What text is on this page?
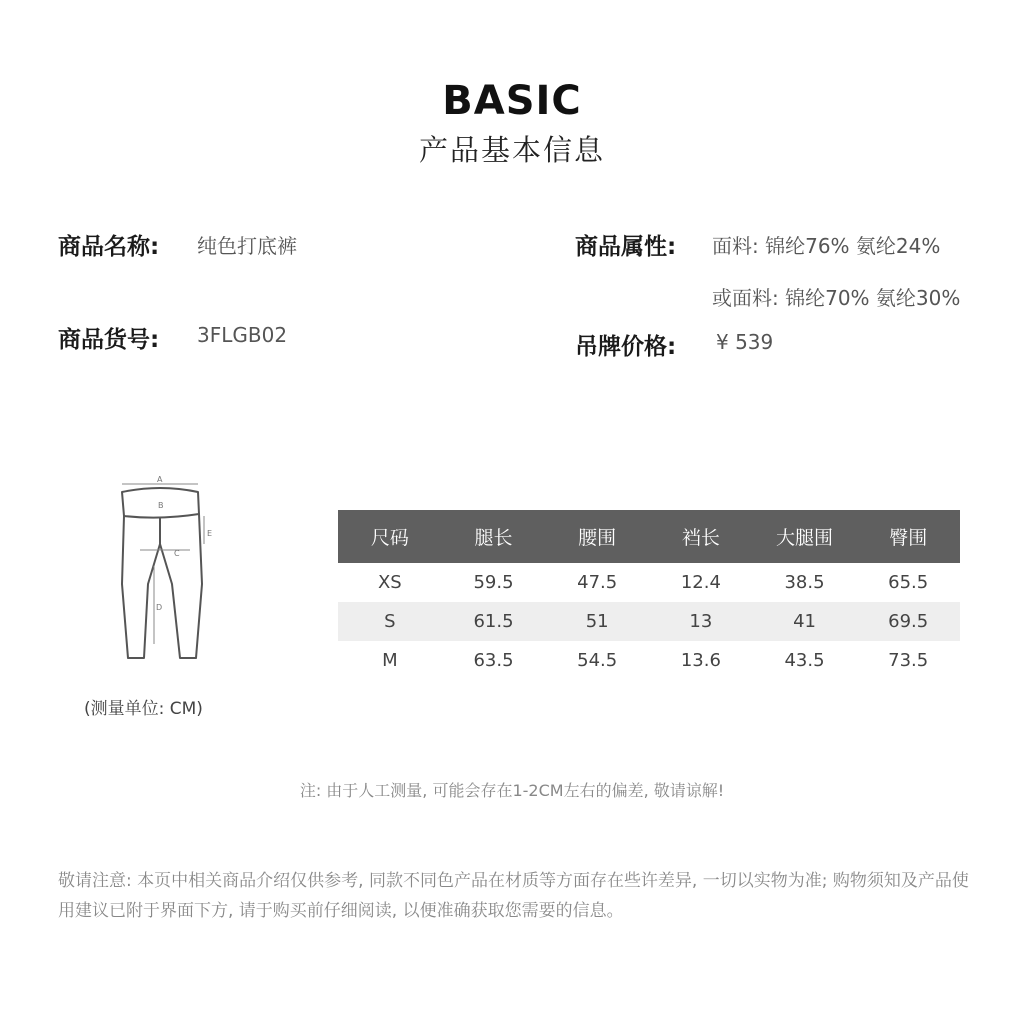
BASIC
产品基本信息
商品名称: 纯色打底裤
商品货号: 3FLGB02
商品属性: 面料: 锦纶76% 氨纶24%
或面料: 锦纶70% 氨纶30%
吊牌价格: ¥ 539
A
B
C
D
E
(测量单位: CM)
尺码	腿长	腰围	裆长	大腿围	臀围
XS	59.5	47.5	12.4	38.5	65.5
S	61.5	51	13	41	69.5
M	63.5	54.5	13.6	43.5	73.5
注: 由于人工测量, 可能会存在1-2CM左右的偏差, 敬请谅解!
敬请注意: 本页中相关商品介绍仅供参考, 同款不同色产品在材质等方面存在些许差异, 一切以实物为准; 购物须知及产品使用建议已附于界面下方, 请于购买前仔细阅读, 以便准确获取您需要的信息。
